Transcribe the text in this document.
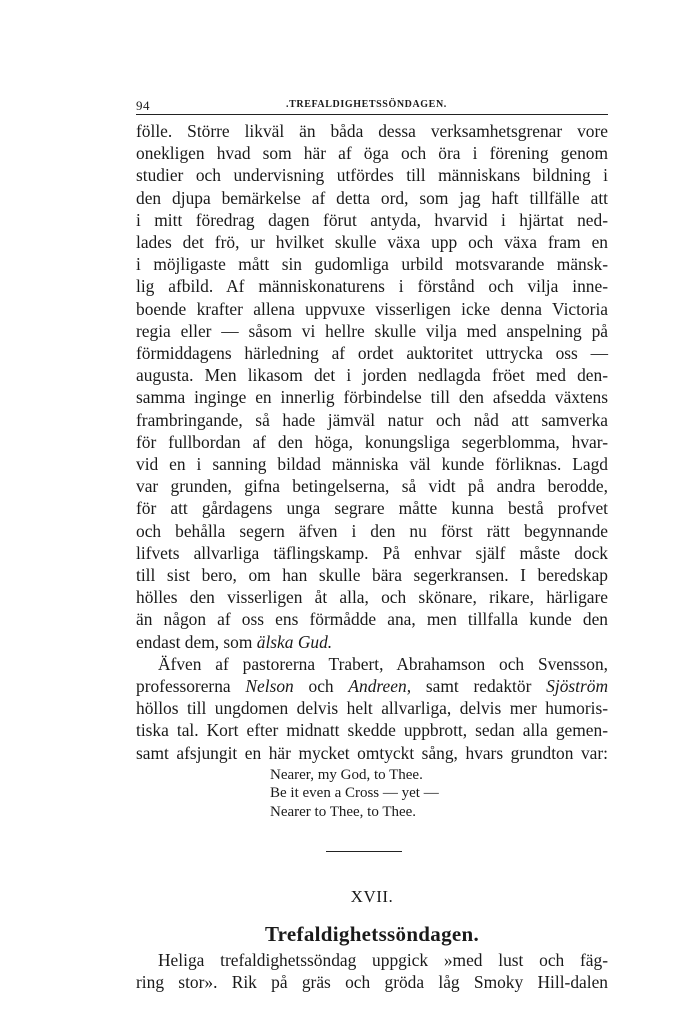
94	.TREFALDIGHETSSÖNDAGEN.
fölle. Större likväl än båda dessa verksamhetsgrenar vore
onekligen hvad som här af öga och öra i förening genom
studier och undervisning utfördes till människans bildning i
den djupa bemärkelse af detta ord, som jag haft tillfälle att
i mitt föredrag dagen förut antyda, hvarvid i hjärtat ned-
lades det frö, ur hvilket skulle växa upp och växa fram en
i möjligaste mått sin gudomliga urbild motsvarande mänsk-
lig afbild. Af människonaturens i förstånd och vilja inne-
boende krafter allena uppvuxe visserligen icke denna Victoria
regia eller — såsom vi hellre skulle vilja med anspelning på
förmiddagens härledning af ordet auktoritet uttrycka oss —
augusta. Men likasom det i jorden nedlagda fröet med den-
samma inginge en innerlig förbindelse till den afsedda växtens
frambringande, så hade jämväl natur och nåd att samverka
för fullbordan af den höga, konungsliga segerblomma, hvar-
vid en i sanning bildad människa väl kunde förliknas. Lagd
var grunden, gifna betingelserna, så vidt på andra beroddе,
för att gårdagens unga segrare måtte kunna bestå profvet
och behålla segern äfven i den nu först rätt begynnande
lifvets allvarliga täflingskamp. På enhvar själf måste dock
till sist bero, om han skulle bära segerkransen. I beredskap
hölles den visserligen åt alla, och skönare, rikare, härligare
än någon af oss ens förmådde ana, men tillfalla kunde den
endast dem, som älska Gud.
Äfven af pastorerna Trabert, Abrahamson och Svensson,
professorerna Nelson och Andreen, samt redaktör Sjöström
höllos till ungdomen delvis helt allvarliga, delvis mer humoris-
tiska tal. Kort efter midnatt skedde uppbrott, sedan alla gemen-
samt afsjungit en här mycket omtyckt sång, hvars grundton var:
Nearer, my God, to Thee.
Be it even a Cross — yet —
Nearer to Thee, to Thee.
XVII.
Trefaldighetssöndagen.
Heliga trefaldighetssöndag uppgick »med lust och fäg-
ring stor». Rik på gräs och gröda låg Smoky Hill-dalen
